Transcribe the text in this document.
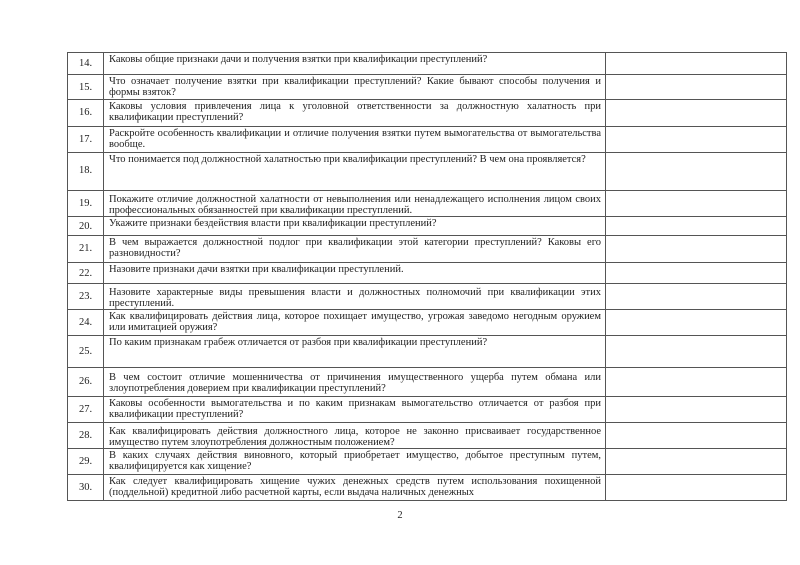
14.	Каковы общие признаки дачи и получения взятки при квалификации преступлений?	

15.	Что означает получение взятки при квалификации преступлений? Какие бывают способы получения и формы взяток?	

16.	Каковы условия привлечения лица к уголовной ответственности за должностную халатность при квалификации преступлений?	

17.	Раскройте особенность квалификации и отличие получения взятки путем вымогательства от вымогательства вообще.	

18.	Что понимается под должностной халатностью при квалификации преступлений? В чем она проявляется?	

19.	Покажите отличие должностной халатности от невыполнения или ненадлежащего исполнения лицом своих профессиональных обязанностей при квалификации преступлений.	

20.	Укажите признаки бездействия власти при квалификации преступлений?	

21.	В чем выражается должностной подлог при квалификации этой категории преступлений? Каковы его разновидности?	

22.	Назовите признаки дачи взятки при квалификации преступлений.	

23.	Назовите характерные виды превышения власти и должностных полномочий при квалификации этих преступлений.	

24.	Как квалифицировать действия лица, которое похищает имущество, угрожая заведомо негодным оружием или имитацией оружия?	

25.	По каким признакам грабеж отличается от разбоя при квалификации преступлений?	

26.	В чем состоит отличие мошенничества от причинения имущественного ущерба путем обмана или злоупотребления доверием при квалификации преступлений?	

27.	Каковы особенности вымогательства и по каким признакам вымогательство отличается от разбоя при квалификации преступлений?	

28.	Как квалифицировать действия должностного лица, которое не законно присваивает государственное имущество путем злоупотребления должностным положением?	

29.	В каких случаях действия виновного, который приобретает имущество, добытое преступным путем, квалифицируется как хищение?	

30.	Как следует квалифицировать хищение чужих денежных средств путем использования похищенной (поддельной) кредитной либо расчетной карты, если выдача наличных денежных	
2
